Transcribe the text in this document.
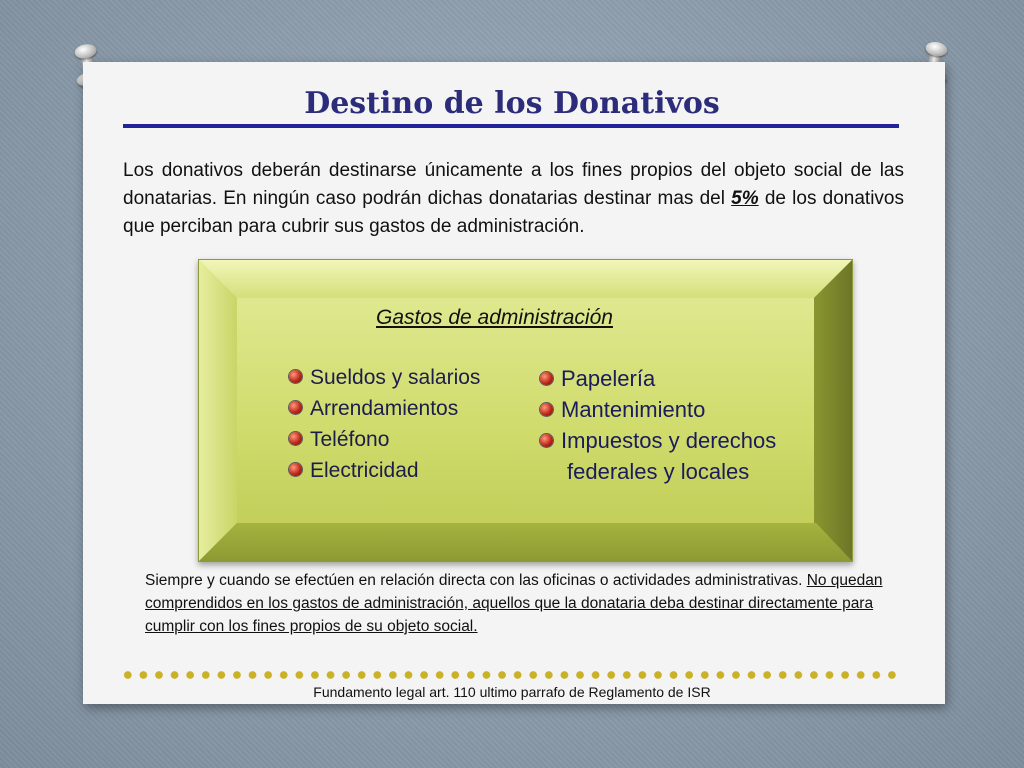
Destino de los Donativos

Los donativos deberán destinarse únicamente a los fines propios del objeto social de las donatarias. En ningún caso podrán dichas donatarias destinar mas del 5% de los donativos que perciban para cubrir sus gastos de administración.

Gastos de administración
Sueldos y salarios
Arrendamientos
Teléfono
Electricidad
Papelería
Mantenimiento
Impuestos y derechos
federales y locales

Siempre y cuando se efectúen en relación directa con las oficinas o actividades administrativas. No quedan comprendidos en los gastos de administración, aquellos que la donataria deba destinar directamente para cumplir con los fines propios de su objeto social.

Fundamento legal art. 110 ultimo parrafo de Reglamento de ISR
